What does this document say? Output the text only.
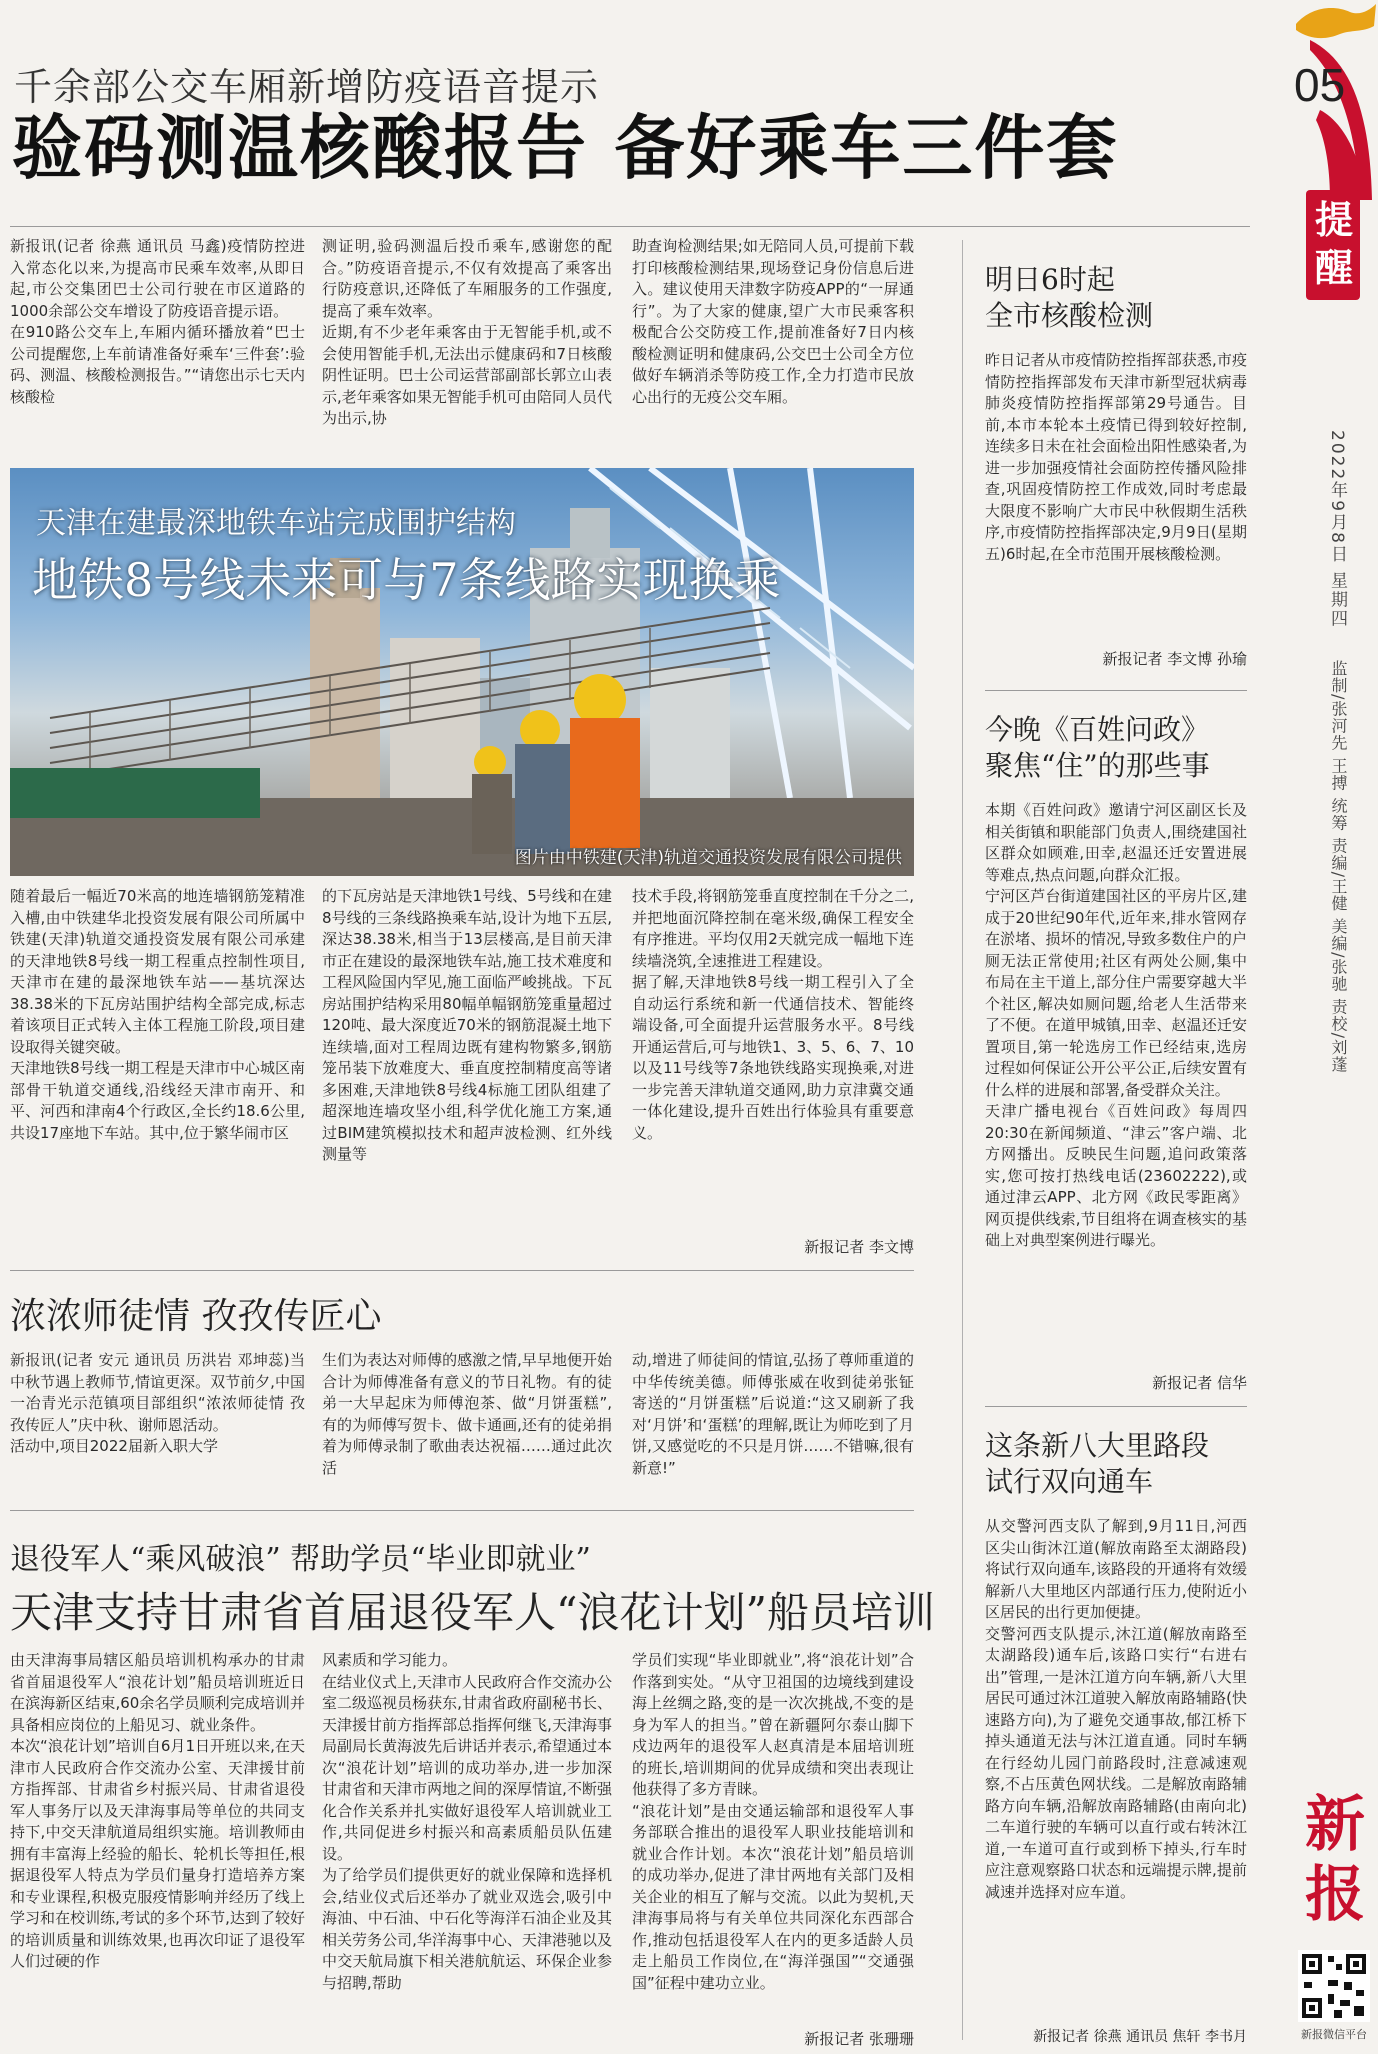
千余部公交车厢新增防疫语音提示
验码测温核酸报告 备好乘车三件套
新报讯(记者 徐燕 通讯员 马鑫)疫情防控进入常态化以来,为提高市民乘车效率,从即日起,市公交集团巴士公司行驶在市区道路的1000余部公交车增设了防疫语音提示语。
在910路公交车上,车厢内循环播放着“巴士公司提醒您,上车前请准备好乘车‘三件套’:验码、测温、核酸检测报告。”“请您出示七天内核酸检
测证明,验码测温后投币乘车,感谢您的配合。”防疫语音提示,不仅有效提高了乘客出行防疫意识,还降低了车厢服务的工作强度,提高了乘车效率。
近期,有不少老年乘客由于无智能手机,或不会使用智能手机,无法出示健康码和7日核酸阴性证明。巴士公司运营部副部长郭立山表示,老年乘客如果无智能手机可由陪同人员代为出示,协
助查询检测结果;如无陪同人员,可提前下载打印核酸检测结果,现场登记身份信息后进入。建议使用天津数字防疫APP的“一屏通行”。为了大家的健康,望广大市民乘客积极配合公交防疫工作,提前准备好7日内核酸检测证明和健康码,公交巴士公司全方位做好车辆消杀等防疫工作,全力打造市民放心出行的无疫公交车厢。
天津在建最深地铁车站完成围护结构
地铁8号线未来可与7条线路实现换乘
图片由中铁建(天津)轨道交通投资发展有限公司提供
随着最后一幅近70米高的地连墙钢筋笼精准入槽,由中铁建华北投资发展有限公司所属中铁建(天津)轨道交通投资发展有限公司承建的天津地铁8号线一期工程重点控制性项目,天津市在建的最深地铁车站——基坑深达38.38米的下瓦房站围护结构全部完成,标志着该项目正式转入主体工程施工阶段,项目建设取得关键突破。
天津地铁8号线一期工程是天津市中心城区南部骨干轨道交通线,沿线经天津市南开、和平、河西和津南4个行政区,全长约18.6公里,共设17座地下车站。其中,位于繁华闹市区
的下瓦房站是天津地铁1号线、5号线和在建8号线的三条线路换乘车站,设计为地下五层,深达38.38米,相当于13层楼高,是目前天津市正在建设的最深地铁车站,施工技术难度和工程风险国内罕见,施工面临严峻挑战。下瓦房站围护结构采用80幅单幅钢筋笼重量超过120吨、最大深度近70米的钢筋混凝土地下连续墙,面对工程周边既有建构物繁多,钢筋笼吊装下放难度大、垂直度控制精度高等诸多困难,天津地铁8号线4标施工团队组建了超深地连墙攻坚小组,科学优化施工方案,通过BIM建筑模拟技术和超声波检测、红外线测量等
技术手段,将钢筋笼垂直度控制在千分之二,并把地面沉降控制在毫米级,确保工程安全有序推进。平均仅用2天就完成一幅地下连续墙浇筑,全速推进工程建设。
据了解,天津地铁8号线一期工程引入了全自动运行系统和新一代通信技术、智能终端设备,可全面提升运营服务水平。8号线开通运营后,可与地铁1、3、5、6、7、10以及11号线等7条地铁线路实现换乘,对进一步完善天津轨道交通网,助力京津冀交通一体化建设,提升百姓出行体验具有重要意义。
新报记者 李文博
浓浓师徒情 孜孜传匠心
新报讯(记者 安元 通讯员 历洪岩 邓坤蕊)当中秋节遇上教师节,情谊更深。双节前夕,中国一冶青光示范镇项目部组织“浓浓师徒情 孜孜传匠人”庆中秋、谢师恩活动。
活动中,项目2022届新入职大学
生们为表达对师傅的感激之情,早早地便开始合计为师傅准备有意义的节日礼物。有的徒弟一大早起床为师傅泡茶、做“月饼蛋糕”,有的为师傅写贺卡、做卡通画,还有的徒弟捐着为师傅录制了歌曲表达祝福……通过此次活
动,增进了师徒间的情谊,弘扬了尊师重道的中华传统美德。师傅张威在收到徒弟张钲寄送的“月饼蛋糕”后说道:“这又刷新了我对‘月饼’和‘蛋糕’的理解,既让为师吃到了月饼,又感觉吃的不只是月饼……不错嘛,很有新意!”
退役军人“乘风破浪” 帮助学员“毕业即就业”
天津支持甘肃省首届退役军人“浪花计划”船员培训
由天津海事局辖区船员培训机构承办的甘肃省首届退役军人“浪花计划”船员培训班近日在滨海新区结束,60余名学员顺利完成培训并具备相应岗位的上船见习、就业条件。
本次“浪花计划”培训自6月1日开班以来,在天津市人民政府合作交流办公室、天津援甘前方指挥部、甘肃省乡村振兴局、甘肃省退役军人事务厅以及天津海事局等单位的共同支持下,中交天津航道局组织实施。培训教师由拥有丰富海上经验的船长、轮机长等担任,根据退役军人特点为学员们量身打造培养方案和专业课程,积极克服疫情影响并经历了线上学习和在校训练,考试的多个环节,达到了较好的培训质量和训练效果,也再次印证了退役军人们过硬的作
风素质和学习能力。
在结业仪式上,天津市人民政府合作交流办公室二级巡视员杨获东,甘肃省政府副秘书长、天津援甘前方指挥部总指挥何继飞,天津海事局副局长黄海波先后讲话并表示,希望通过本次“浪花计划”培训的成功举办,进一步加深甘肃省和天津市两地之间的深厚情谊,不断强化合作关系并扎实做好退役军人培训就业工作,共同促进乡村振兴和高素质船员队伍建设。
为了给学员们提供更好的就业保障和选择机会,结业仪式后还举办了就业双选会,吸引中海油、中石油、中石化等海洋石油企业及其相关劳务公司,华洋海事中心、天津港驰以及中交天航局旗下相关港航航运、环保企业参与招聘,帮助
学员们实现“毕业即就业”,将“浪花计划”合作落到实处。“从守卫祖国的边境线到建设海上丝绸之路,变的是一次次挑战,不变的是身为军人的担当。”曾在新疆阿尔泰山脚下戍边两年的退役军人赵真清是本届培训班的班长,培训期间的优异成绩和突出表现让他获得了多方青睐。
“浪花计划”是由交通运输部和退役军人事务部联合推出的退役军人职业技能培训和就业合作计划。本次“浪花计划”船员培训的成功举办,促进了津甘两地有关部门及相关企业的相互了解与交流。以此为契机,天津海事局将与有关单位共同深化东西部合作,推动包括退役军人在内的更多适龄人员走上船员工作岗位,在“海洋强国”“交通强国”征程中建功立业。
新报记者 张珊珊
明日6时起
全市核酸检测
昨日记者从市疫情防控指挥部获悉,市疫情防控指挥部发布天津市新型冠状病毒肺炎疫情防控指挥部第29号通告。目前,本市本轮本土疫情已得到较好控制,连续多日未在社会面检出阳性感染者,为进一步加强疫情社会面防控传播风险排查,巩固疫情防控工作成效,同时考虑最大限度不影响广大市民中秋假期生活秩序,市疫情防控指挥部决定,9月9日(星期五)6时起,在全市范围开展核酸检测。
新报记者 李文博 孙瑜
今晚《百姓问政》
聚焦“住”的那些事
本期《百姓问政》邀请宁河区副区长及相关街镇和职能部门负责人,围绕建国社区群众如顾难,田幸,赵温还迁安置进展等难点,热点问题,向群众汇报。
宁河区芦台街道建国社区的平房片区,建成于20世纪90年代,近年来,排水管网存在淤堵、损坏的情况,导致多数住户的户厕无法正常使用;社区有两处公厕,集中布局在主干道上,部分住户需要穿越大半个社区,解决如厕问题,给老人生活带来了不便。在道甲城镇,田幸、赵温还迁安置项目,第一轮选房工作已经结束,选房过程如何保证公开公平公正,后续安置有什么样的进展和部署,备受群众关注。
天津广播电视台《百姓问政》每周四20:30在新闻频道、“津云”客户端、北方网播出。反映民生问题,追问政策落实,您可按打热线电话(23602222),或通过津云APP、北方网《政民零距离》网页提供线索,节目组将在调查核实的基础上对典型案例进行曝光。
新报记者 信华
这条新八大里路段
试行双向通车
从交警河西支队了解到,9月11日,河西区尖山街沐江道(解放南路至太湖路段)将试行双向通车,该路段的开通将有效缓解新八大里地区内部通行压力,使附近小区居民的出行更加便捷。
交警河西支队提示,沐江道(解放南路至太湖路段)通车后,该路口实行“右进右出”管理,一是沐江道方向车辆,新八大里居民可通过沐江道驶入解放南路辅路(快速路方向),为了避免交通事故,郁江桥下掉头通道无法与沐江道直通。同时车辆在行经幼儿园门前路段时,注意减速观察,不占压黄色网状线。二是解放南路辅路方向车辆,沿解放南路辅路(由南向北)二车道行驶的车辆可以直行或右转沐江道,一车道可直行或到桥下掉头,行车时应注意观察路口状态和远端提示牌,提前减速并选择对应车道。
新报记者 徐燕 通讯员 焦轩 李书月
05
提醒
2022年9月8日 星期四
监制/张河先 王搏 统筹 责编/王健 美编/张驰 责校/刘蓬
新报
新报微信平台
